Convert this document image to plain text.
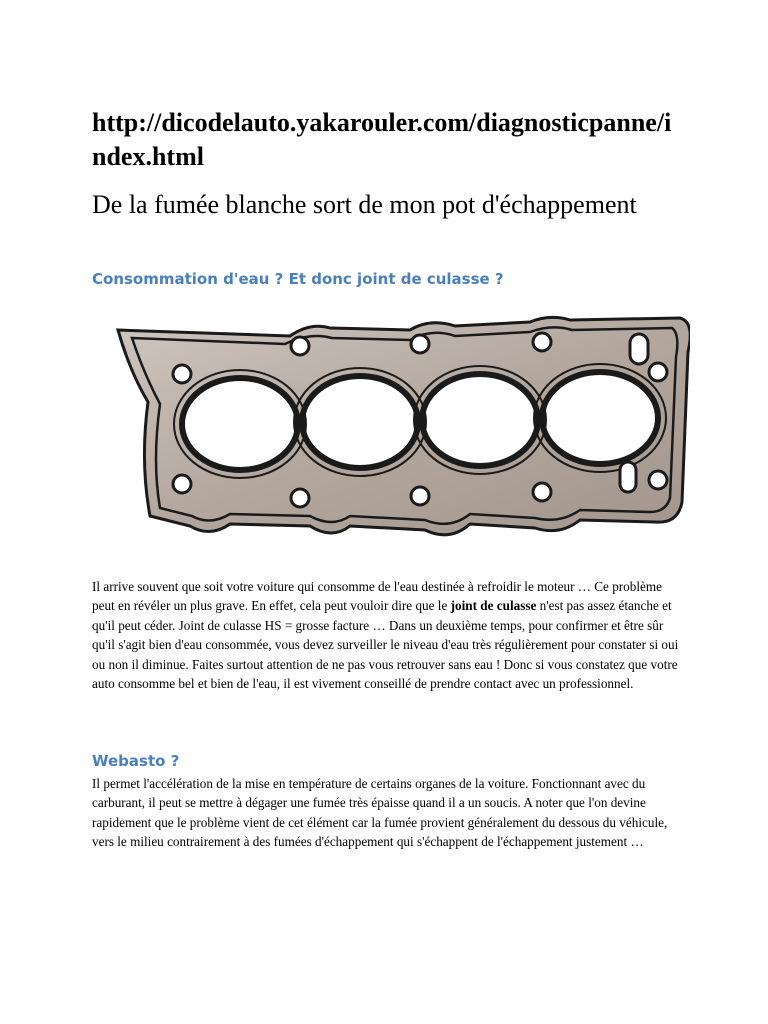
http://dicodelauto.yakarouler.com/diagnosticpanne/index.html
De la fumée blanche sort de mon pot d'échappement
Consommation d'eau ? Et donc joint de culasse ?

Il arrive souvent que soit votre voiture qui consomme de l'eau destinée à refroidir le moteur … Ce problème peut en révéler un plus grave. En effet, cela peut vouloir dire que le joint de culasse n'est pas assez étanche et qu'il peut céder. Joint de culasse HS = grosse facture … Dans un deuxième temps, pour confirmer et être sûr qu'il s'agit bien d'eau consommée, vous devez surveiller le niveau d'eau très régulièrement pour constater si oui ou non il diminue. Faites surtout attention de ne pas vous retrouver sans eau ! Donc si vous constatez que votre auto consomme bel et bien de l'eau, il est vivement conseillé de prendre contact avec un professionnel.

Webasto ?

Il permet l'accélération de la mise en température de certains organes de la voiture. Fonctionnant avec du carburant, il peut se mettre à dégager une fumée très épaisse quand il a un soucis. A noter que l'on devine rapidement que le problème vient de cet élément car la fumée provient généralement du dessous du véhicule, vers le milieu contrairement à des fumées d'échappement qui s'échappent de l'échappement justement …
